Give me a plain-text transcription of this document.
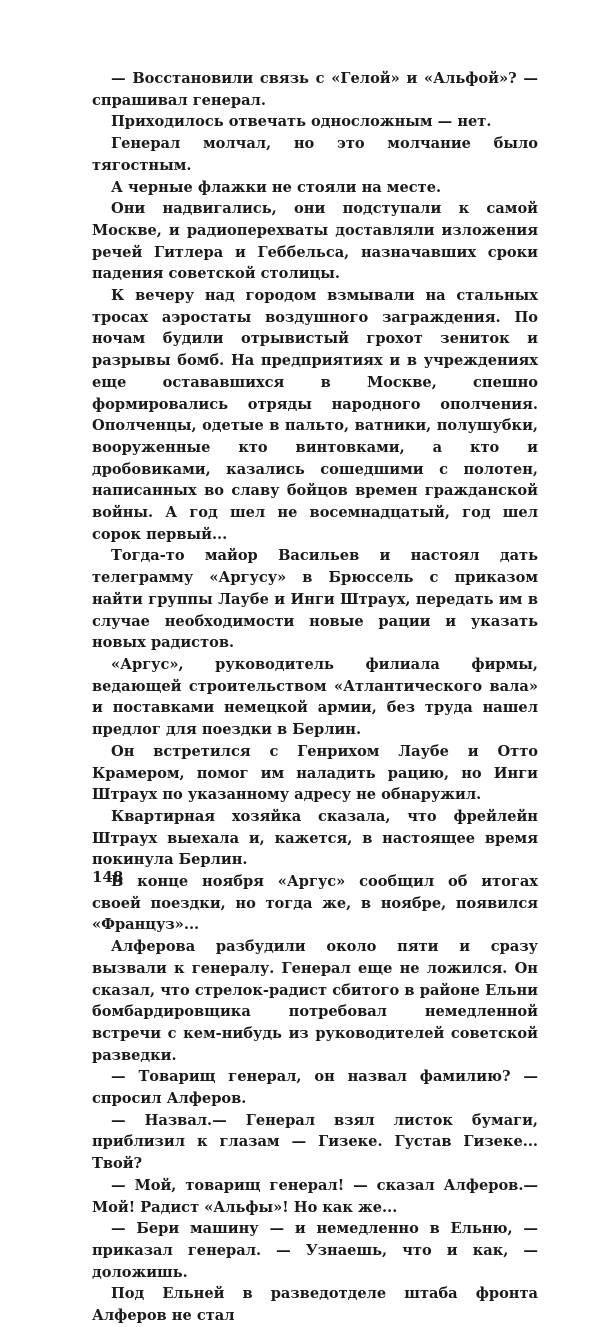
— Восстановили связь с «Гелой» и «Альфой»? — спрашивал генерал.

Приходилось отвечать односложным — нет.

Генерал молчал, но это молчание было тягостным.

А черные флажки не стояли на месте.

Они надвигались, они подступали к самой Москве, и радиоперехваты доставляли изложения речей Гитлера и Геббельса, назначавших сроки падения советской столицы.

К вечеру над городом взмывали на стальных тросах аэростаты воздушного заграждения. По ночам будили отрывистый грохот зениток и разрывы бомб. На предприятиях и в учреждениях еще остававшихся в Москве, спешно формировались отряды народного ополчения. Ополченцы, одетые в пальто, ватники, полушубки, вооруженные кто винтовками, а кто и дробовиками, казались сошедшими с полотен, написанных во славу бойцов времен гражданской войны. А год шел не восемнадцатый, год шел сорок первый...

Тогда-то майор Васильев и настоял дать телеграмму «Аргусу» в Брюссель с приказом найти группы Лаубе и Инги Штраух, передать им в случае необходимости новые рации и указать новых радистов.

«Аргус», руководитель филиала фирмы, ведающей строительством «Атлантического вала» и поставками немецкой армии, без труда нашел предлог для поездки в Берлин.

Он встретился с Генрихом Лаубе и Отто Крамером, помог им наладить рацию, но Инги Штраух по указанному адресу не обнаружил.

Квартирная хозяйка сказала, что фрейлейн Штраух выехала и, кажется, в настоящее время покинула Берлин.

В конце ноября «Аргус» сообщил об итогах своей поездки, но тогда же, в ноябре, появился «Француз»...

Алферова разбудили около пяти и сразу вызвали к генералу. Генерал еще не ложился. Он сказал, что стрелок-радист сбитого в районе Ельни бомбардировщика потребовал немедленной встречи с кем-нибудь из руководителей советской разведки.

— Товарищ генерал, он назвал фамилию? — спросил Алферов.

— Назвал.— Генерал взял листок бумаги, приблизил к глазам — Гизеке. Густав Гизеке... Твой?

— Мой, товарищ генерал! — сказал Алферов.— Мой! Радист «Альфы»! Но как же...

— Бери машину — и немедленно в Ельню, — приказал генерал. — Узнаешь, что и как, — доложишь.

Под Ельней в разведотделе штаба фронта Алферов не стал

148
